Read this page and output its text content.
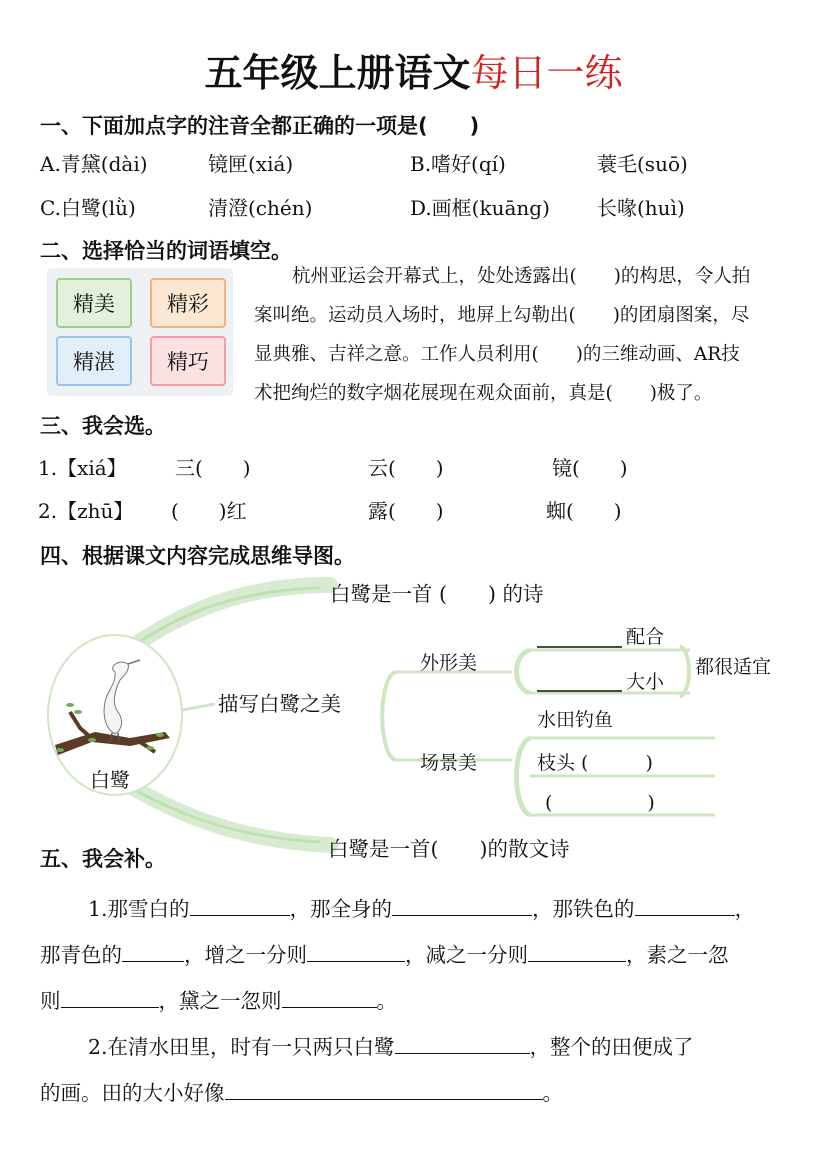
五年级上册语文每日一练
一、下面加点字的注音全都正确的一项是(　　)
A.青黛(dài)	镜匣(xiá)	B.嗜好(qí)	蓑毛(suō)
C.白鹭(lǜ)	清澄(chén)	D.画框(kuāng) 长喙(huì)
二、选择恰当的词语填空。
精美	精彩
精湛	精巧
杭州亚运会开幕式上，处处透露出(　　)的构思，令人拍
案叫绝。运动员入场时，地屏上勾勒出(　　)的团扇图案，尽
显典雅、吉祥之意。工作人员利用(　　)的三维动画、AR技
术把绚烂的数字烟花展现在观众面前，真是(　　)极了。
三、我会选。
1.【xiá】 三(　　)	云(　　)	镜(　　)
2.【zhū】 (　　)红	露(　　)	蜘(　　)
四、根据课文内容完成思维导图。
白鹭是一首 (　　) 的诗
描写白鹭之美
白鹭是一首(　　)的散文诗
外形美
场景美
配合
大小
都很适宜
水田钓鱼
枝头 (　　　)
(　　　　　)
白鹭
五、我会补。
1.那雪白的	，那全身的	，那铁色的	，
那青色的	，增之一分则	，减之一分则	，素之一忽
则	，黛之一忽则	。
2.在清水田里，时有一只两只白鹭	，整个的田便成了
的画。田的大小好像	。
